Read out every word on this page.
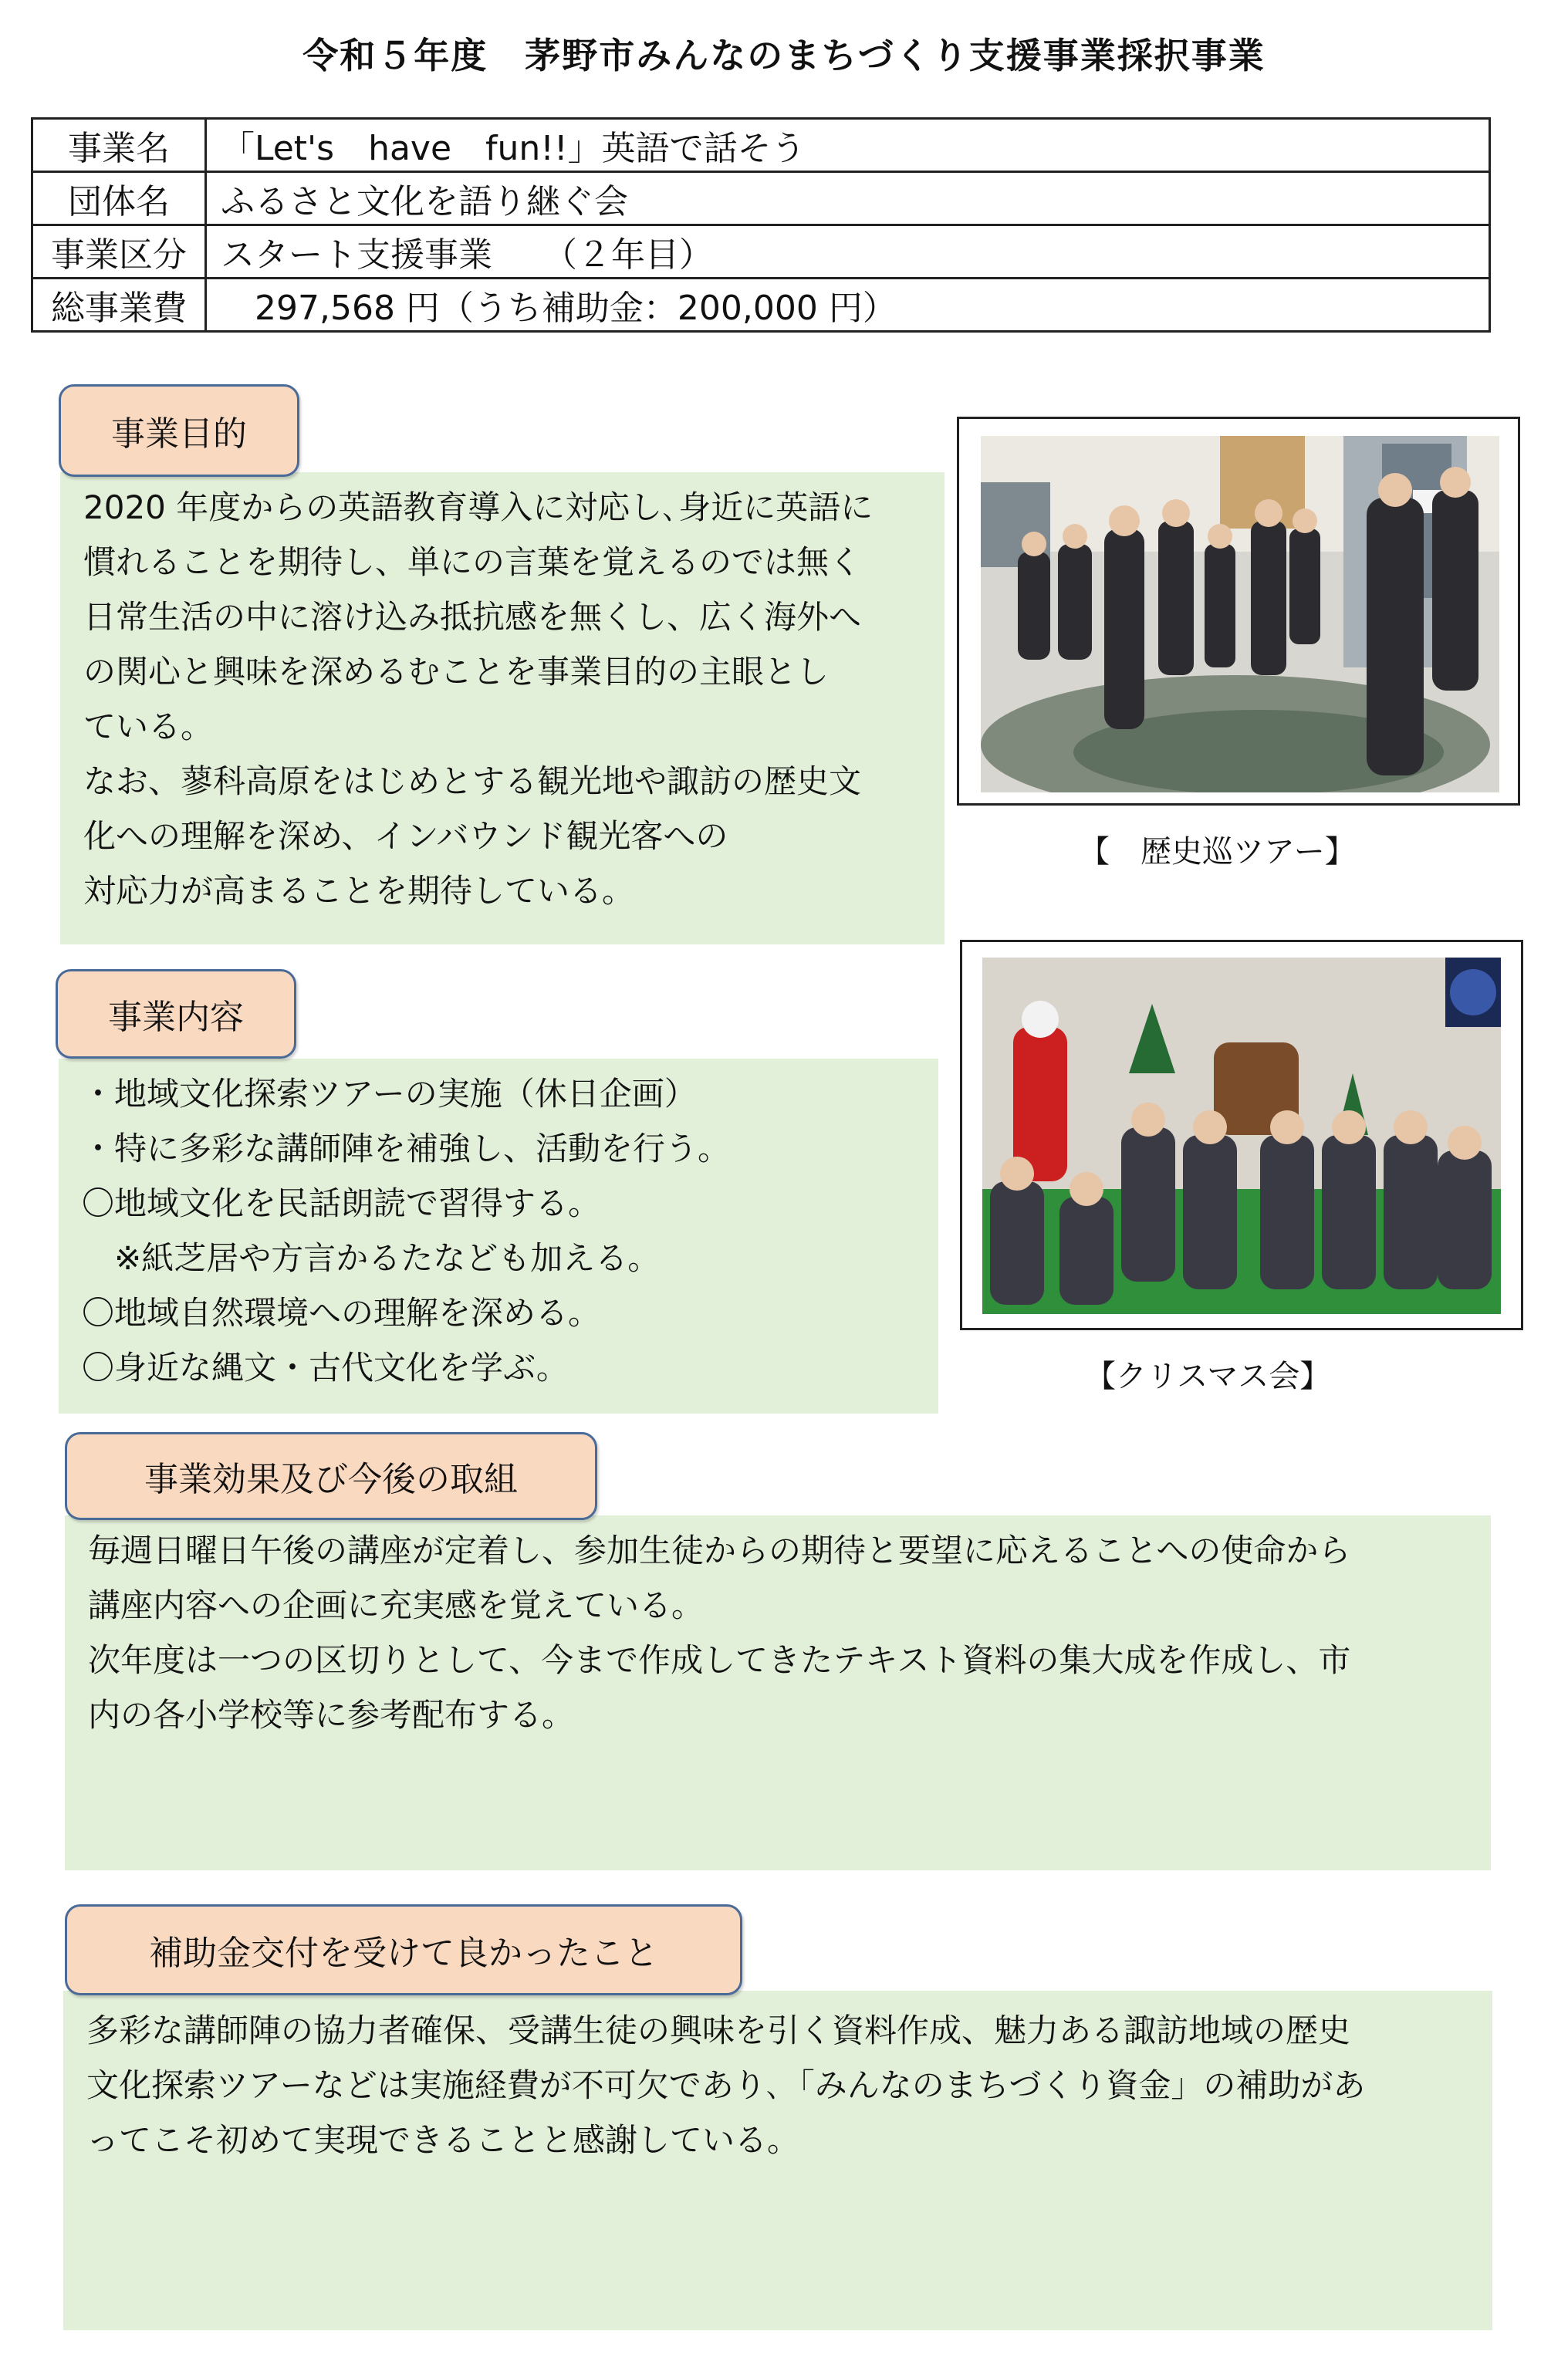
令和５年度　茅野市みんなのまちづくり支援事業採択事業
事業名	「Let's　have　fun!!」英語で話そう
団体名	ふるさと文化を語り継ぐ会
事業区分	スタート支援事業　　（２年目）
総事業費	　297,568 円（うち補助金：200,000 円）

2020 年度からの英語教育導入に対応し､身近に英語に

慣れることを期待し、単にの言葉を覚えるのでは無く

日常生活の中に溶け込み抵抗感を無くし、広く海外へ

の関心と興味を深めるむことを事業目的の主眼とし

ている。

なお、蓼科高原をはじめとする観光地や諏訪の歴史文

化への理解を深め、インバウンド観光客への

対応力が高まることを期待している。

事業目的

・地域文化探索ツアーの実施（休日企画）

・特に多彩な講師陣を補強し、活動を行う。

〇地域文化を民話朗読で習得する。

　※紙芝居や方言かるたなども加える。

〇地域自然環境への理解を深める。

〇身近な縄文・古代文化を学ぶ。

事業内容

毎週日曜日午後の講座が定着し、参加生徒からの期待と要望に応えることへの使命から

講座内容への企画に充実感を覚えている。

次年度は一つの区切りとして、今まで作成してきたテキスト資料の集大成を作成し、市

内の各小学校等に参考配布する。

事業効果及び今後の取組

多彩な講師陣の協力者確保、受講生徒の興味を引く資料作成、魅力ある諏訪地域の歴史

文化探索ツアーなどは実施経費が不可欠であり､「みんなのまちづくり資金」の補助があ

ってこそ初めて実現できることと感謝している。

補助金交付を受けて良かったこと
【　歴史巡ツアー】
【クリスマス会】
